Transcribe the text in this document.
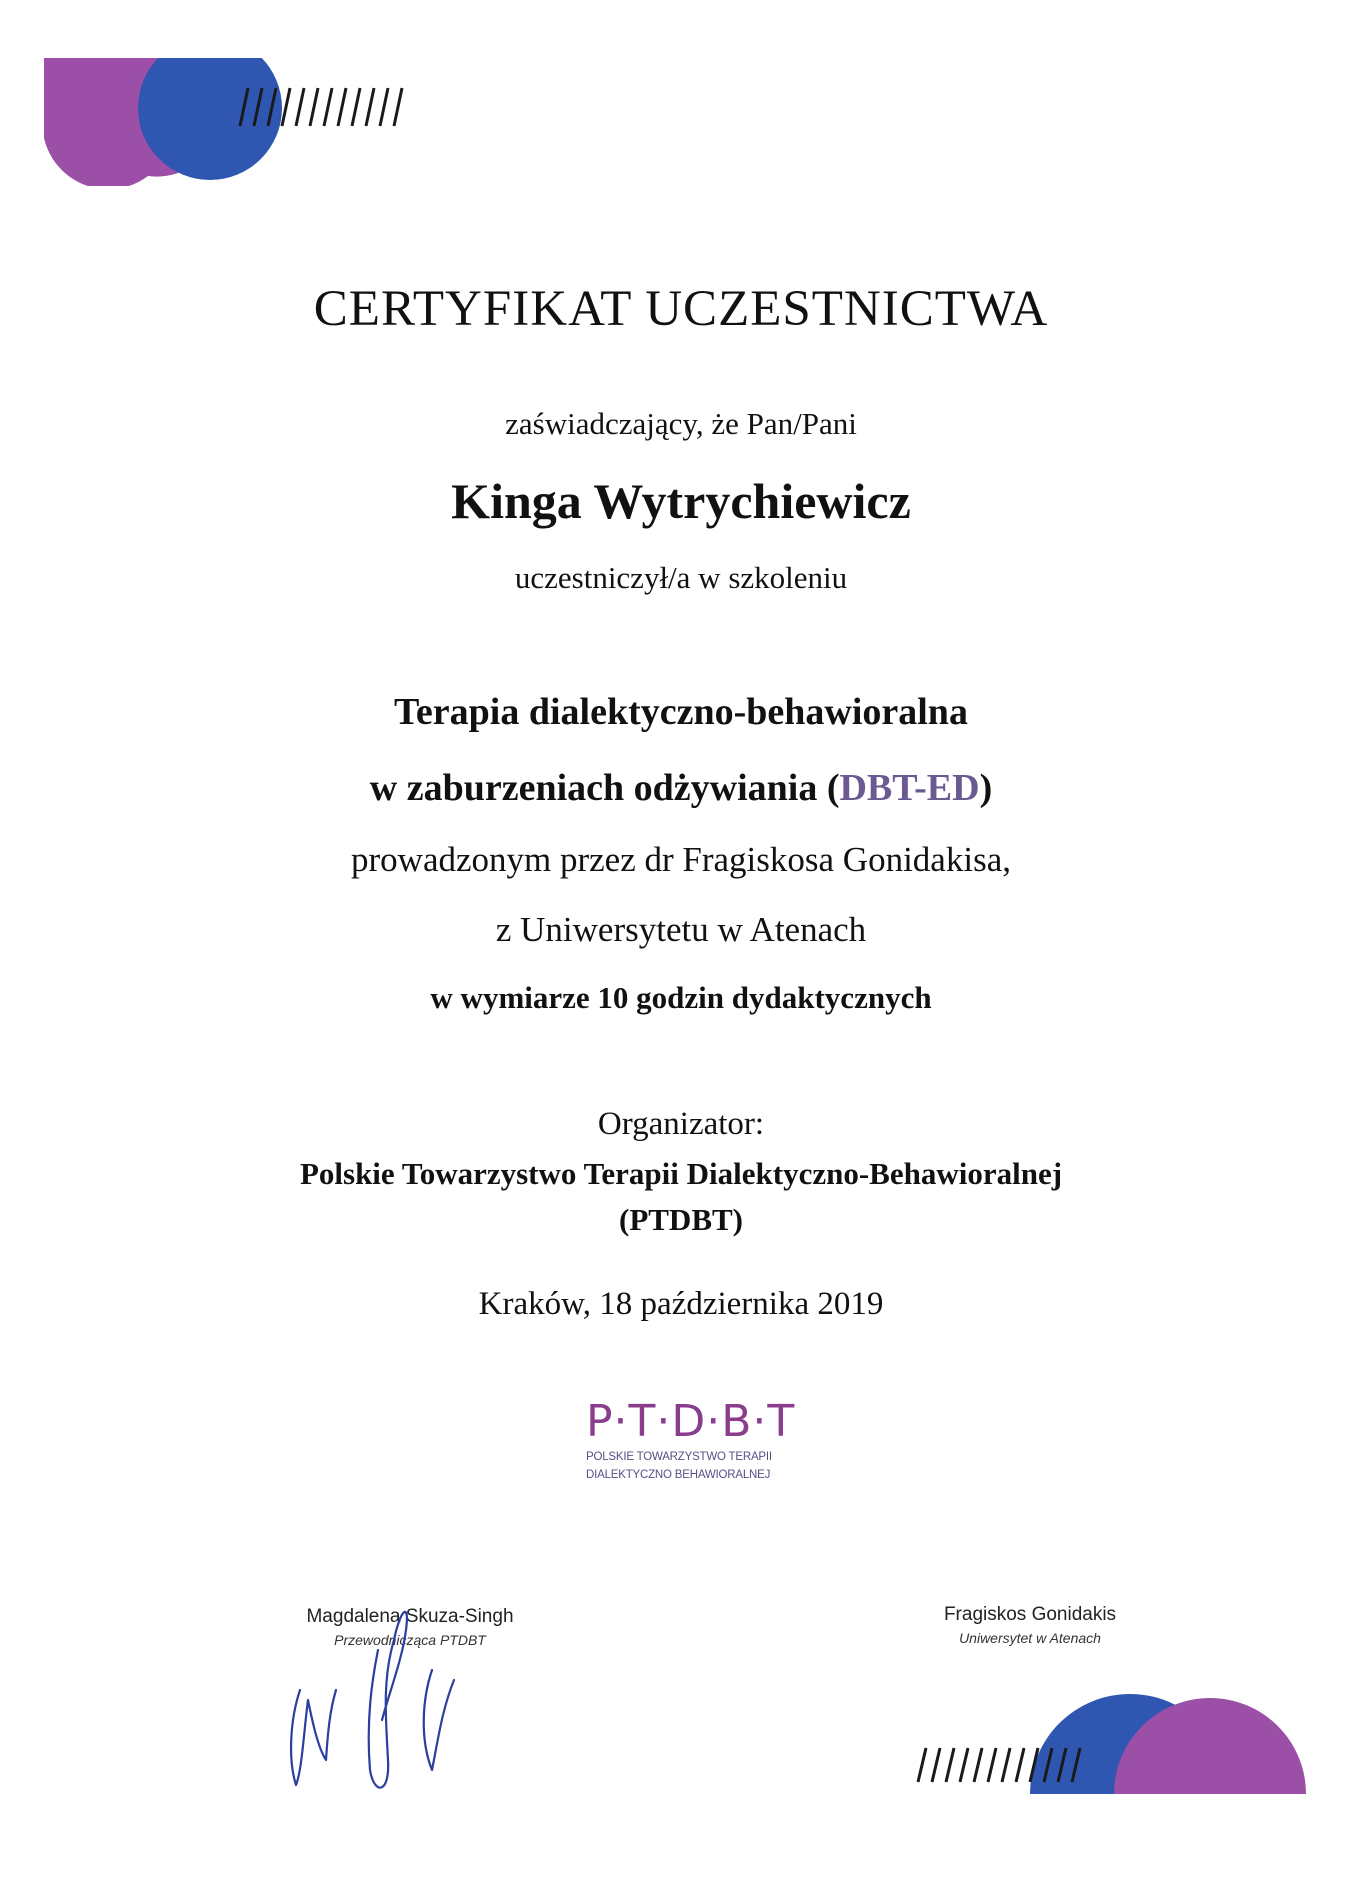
CERTYFIKAT UCZESTNICTWA
zaświadczający, że Pan/Pani
Kinga Wytrychiewicz
uczestniczył/a w szkoleniu
Terapia dialektyczno-behawioralna
w zaburzeniach odżywiania (DBT-ED)
prowadzonym przez dr Fragiskosa Gonidakisa,
z Uniwersytetu w Atenach
w wymiarze 10 godzin dydaktycznych
Organizator:
Polskie Towarzystwo Terapii Dialektyczno-Behawioralnej
(PTDBT)
Kraków, 18 października 2019
P·T·D·B·T
POLSKIE TOWARZYSTWO TERAPII
DIALEKTYCZNO BEHAWIORALNEJ
Magdalena Skuza-Singh
Przewodnicząca PTDBT
Fragiskos Gonidakis
Uniwersytet w Atenach
